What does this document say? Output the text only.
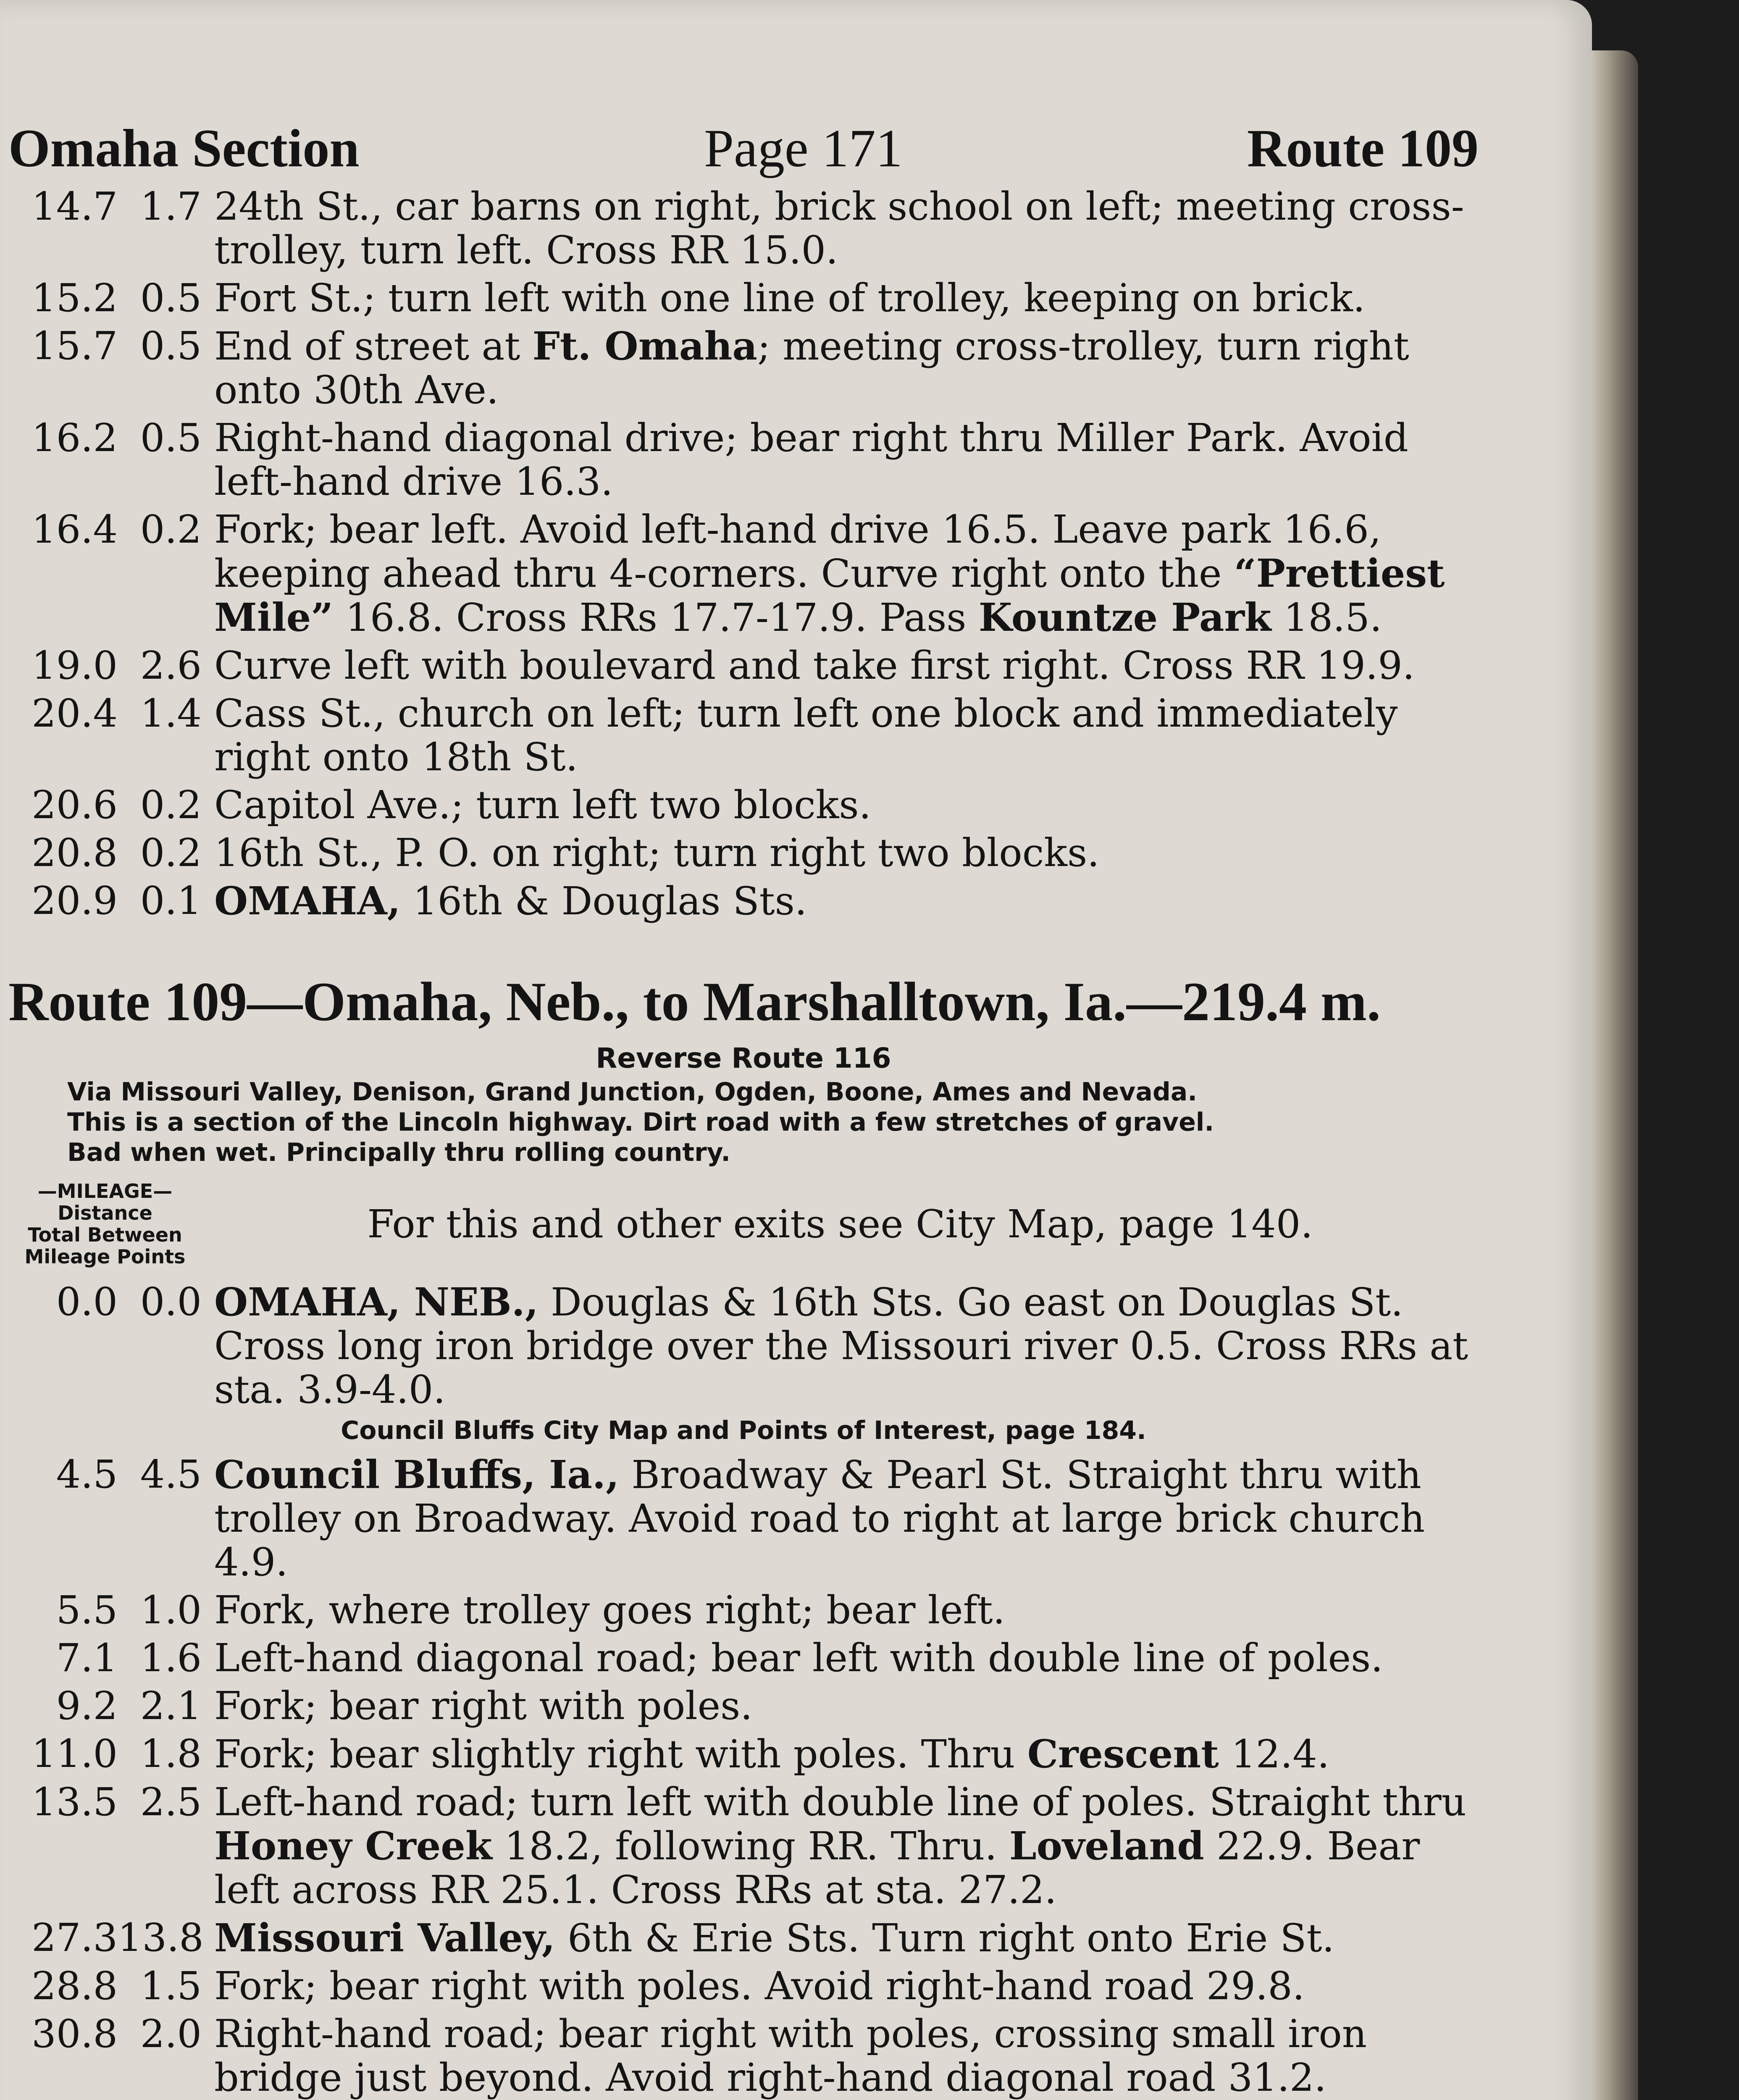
Omaha Section	Page 171	Route 109
14.7 1.7 24th St., car barns on right, brick school on left; meeting cross-trolley, turn left. Cross RR 15.0.
15.2 0.5 Fort St.; turn left with one line of trolley, keeping on brick.
15.7 0.5 End of street at Ft. Omaha; meeting cross-trolley, turn right onto 30th Ave.
16.2 0.5 Right-hand diagonal drive; bear right thru Miller Park. Avoid left-hand drive 16.3.
16.4 0.2 Fork; bear left. Avoid left-hand drive 16.5. Leave park 16.6, keeping ahead thru 4-corners. Curve right onto the “Prettiest Mile” 16.8. Cross RRs 17.7-17.9. Pass Kountze Park 18.5.
19.0 2.6 Curve left with boulevard and take first right. Cross RR 19.9.
20.4 1.4 Cass St., church on left; turn left one block and immediately right onto 18th St.
20.6 0.2 Capitol Ave.; turn left two blocks.
20.8 0.2 16th St., P. O. on right; turn right two blocks.
20.9 0.1 OMAHA, 16th & Douglas Sts.
Route 109—Omaha, Neb., to Marshalltown, Ia.—219.4 m.
Reverse Route 116
Via Missouri Valley, Denison, Grand Junction, Ogden, Boone, Ames and Nevada.
This is a section of the Lincoln highway. Dirt road with a few stretches of gravel.
Bad when wet. Principally thru rolling country.
—MILEAGE—
Distance
Total Between
Mileage Points
For this and other exits see City Map, page 140.
0.0 0.0 OMAHA, NEB., Douglas & 16th Sts. Go east on Douglas St. Cross long iron bridge over the Missouri river 0.5. Cross RRs at sta. 3.9-4.0.
Council Bluffs City Map and Points of Interest, page 184.
4.5 4.5 Council Bluffs, Ia., Broadway & Pearl St. Straight thru with trolley on Broadway. Avoid road to right at large brick church 4.9.
5.5 1.0 Fork, where trolley goes right; bear left.
7.1 1.6 Left-hand diagonal road; bear left with double line of poles.
9.2 2.1 Fork; bear right with poles.
11.0 1.8 Fork; bear slightly right with poles. Thru Crescent 12.4.
13.5 2.5 Left-hand road; turn left with double line of poles. Straight thru Honey Creek 18.2, following RR. Thru. Loveland 22.9. Bear left across RR 25.1. Cross RRs at sta. 27.2.
27.3 13.8 Missouri Valley, 6th & Erie Sts. Turn right onto Erie St.
28.8 1.5 Fork; bear right with poles. Avoid right-hand road 29.8.
30.8 2.0 Right-hand road; bear right with poles, crossing small iron bridge just beyond. Avoid right-hand diagonal road 31.2.
